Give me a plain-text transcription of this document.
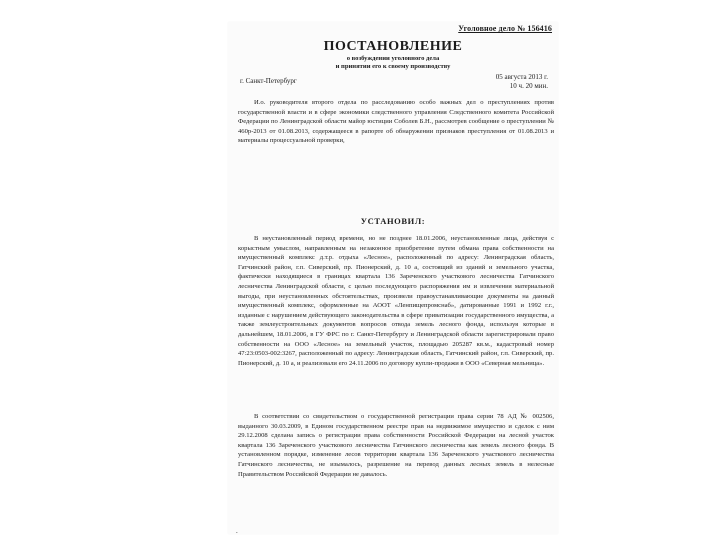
Уголовное дело № 156416
ПОСТАНОВЛЕНИЕ
о возбуждении уголовного дела
и принятии его к своему производству
г. Санкт-Петербург	05 августа 2013 г.
10 ч. 20 мин.

И.о. руководителя второго отдела по расследованию особо важных дел о преступлениях против государственной власти и в сфере экономики следственного управления Следственного комитета Российской Федерации по Ленинградской области майор юстиции Соболев Б.Н., рассмотрев сообщение о преступлении № 460р-2013 от 01.08.2013, содержащееся в рапорте об обнаружении признаков преступления от 01.08.2013 и материалы процессуальной проверки,

УСТАНОВИЛ:

В неустановленный период времени, но не позднее 18.01.2006, неустановленные лица, действуя с корыстным умыслом, направленным на незаконное приобретение путем обмана права собственности на имущественный комплекс д.т.р. отдыха «Лесное», расположенный по адресу: Ленинградская область, Гатчинский район, г.п. Сиверский, пр. Пионерский, д. 10 а, состоящий из зданий и земельного участка, фактически находящиеся в границах квартала 136 Зареченского участкового лесничества Гатчинского лесничества Ленинградской области, с целью последующего распоряжения им и извлечения материальной выгоды, при неустановленных обстоятельствах, произвели правоустанавливающие документы на данный имущественный комплекс, оформленные на АООТ «Ленпищепромснаб», датированные 1991 и 1992 г.г., изданные с нарушением действующего законодательства в сфере приватизации государственного имущества, а также землеустроительных документов вопросов отвода земель лесного фонда, используя которые в дальнейшем, 18.01.2006, в ГУ ФРС по г. Санкт-Петербургу и Ленинградской области зарегистрировали право собственности на ООО «Лесное» на земельный участок, площадью 205287 кв.м., кадастровый номер 47:23:0503-002:3267, расположенный по адресу: Ленинградская область, Гатчинский район, г.п. Сиверский, пр. Пионерский, д. 10 а, и реализовали его 24.11.2006 по договору купли-продажи в ООО «Северная мельница».

В соответствии со свидетельством о государственной регистрации права серии 78 АД № 002506, выданного 30.03.2009, в Едином государственном реестре прав на недвижимое имущество и сделок с ним 29.12.2008 сделана запись о регистрации права собственности Российской Федерации на лесной участок квартала 136 Зареченского участкового лесничества Гатчинского лесничества как земель лесного фонда. В установленном порядке, изменение лесов территории квартала 136 Зареченского участкового лесничества Гатчинского лесничества, не изымалось, разрешение на перевод данных лесных земель в нелесные Правительством Российской Федерации не давалось.

.
